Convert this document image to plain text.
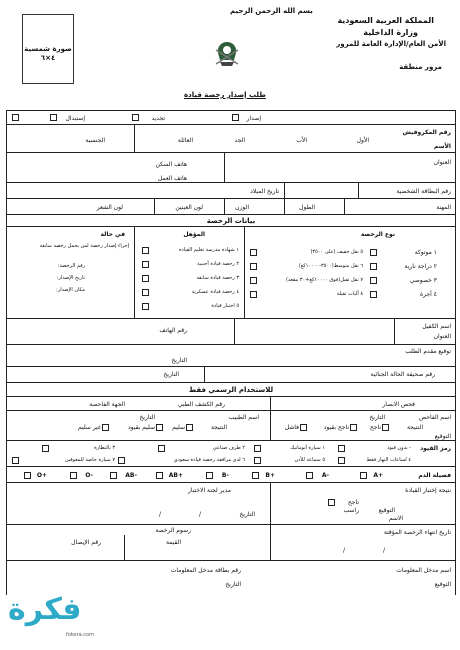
بسم الله الرحمن الرحيم
المملكة العربية السعودية
وزارة الداخلية
الأمن العام/الإدارة العامة للمرور
مرور منطقة
صورة شمسية
٤×٦
طلب إصدار رخصة قيادة
إصدار
تجديد
إستبدال
رقم المكروفيش
الأسم
الأول
الأب
الجد
العائلة
الجنسية
العنوان
هاتف السكن
هاتف العمل
رقم البطاقة الشخصية
تاريخ الميلاد
المهنة
الطول
الوزن
لون العينين
لون الشعر
بيانات الرخصة
نوع الرخصة
المؤهل
في حالة
١ موتوكة
٢ دراجة نارية
٣ خصوصي
٤ أجرة
٥ نقل خفيف (على ٣٥٠٠)
٦ نقل متوسط(٣٥٠٠-١٠٠٠٠كغ)
٧ نقل ثقيل(فوق ١٠٠٠٠كغ+٣٠ مقعد)
٨ آليات ثقيلة
١ شهادة مدرسة تعليم القيادة
٢ رخصة قيادة أجنبية
٣ رخصة قيادة سابقة
٤ رخصة قيادة عسكرية
٥ اختبار قيادة
إجراء إصدار رخصة لمن يحمل رخصة سابقة
رقم الرخصة:
تاريخ الإصدار:
مكان الإصدار:
اسم الكفيل
العنوان
رقم الهاتف
توقيع مقدم الطلب
التاريخ
رقم صحيفة الحالة الجنائية
التاريخ
للاستخدام الرسمي فقط
فحص الابصار
رقم الكشف الطبي
الجهة الفاحصة
اسم الفاحص
التاريخ
النتيجة
ناجح
ناجح بقيود
فاشل
التوقيع
اسم الطبيب
التاريخ
النتيجة
سليم
سليم بقيود
غير سليم
رمز القيود
- بدون قيود
١ سيارة أتوماتيك
٢ طرف صناعي
٣ بالنظارة
٤ لساعات النهار فقط
٥ سماعة للأذن
٦ لدى مرافقة رخصة قيادة سعودي
٧ سيارة خاصة للمعوقين
فصيلة الدم
A+
A-
B+
B-
AB+
AB-
O-
O+
نتيجة إختبار القيادة
ناجح
راسب
الاسم
التوقيع
مدير لجنة الاختبار
التاريخ
/
/
تاريخ انتهاء الرخصة المؤقتة
/
/
رسوم الرخصة
القيمة
رقم الإيصال
اسم مدخل المعلومات
التوقيع
رقم بطاقة مدخل المعلومات
التاريخ
فكرة
fokora.com
